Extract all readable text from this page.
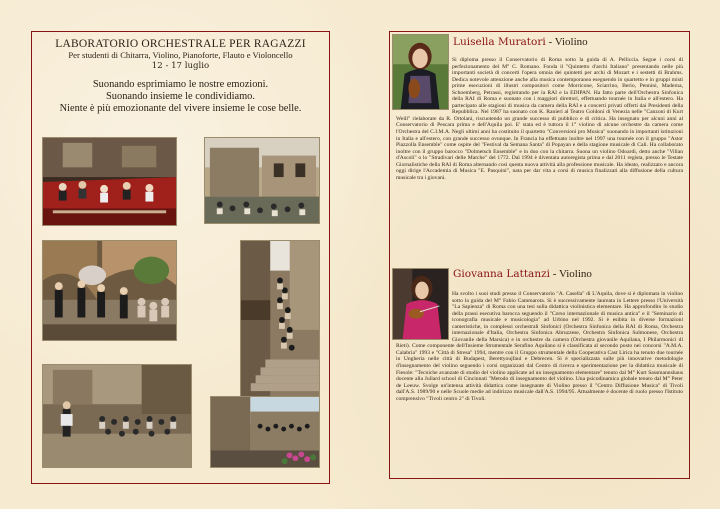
LABORATORIO ORCHESTRALE PER RAGAZZI
Per studenti di Chitarra, Violino, Pianoforte, Flauto e Violoncello
12 - 17 luglio
Suonando esprimiamo le nostre emozioni.
Suonando insieme le condividiamo.
Niente è più emozionante del vivere insieme le cose belle.
Luisella Muratori - Violino

Si diploma presso il Conservatorio di Roma sotto la guida di A. Pelliccia. Segue i corsi di perfezionamento del M° C. Romano. Fonda il "Quintetto d'archi Italiano" presentando nelle più importanti società di concerti l'opera omnia dei quintetti per archi di Mozart e i sestetti di Brahms. Dedica notevole attenzione anche alla musica contemporanea eseguendo in quartetto e in gruppi misti prime esecuzioni di illustri compositori come Morricone, Sciarrino, Berio, Pennini, Maderna, Schoemberg, Petrassi, registrando per la RAI e la EDIPAN. Ha fatto parte dell'Orchestra Sinfonica della RAI di Roma e suonato con i maggiori direttori, effettuando tournée in Italia e all'estero. Ha partecipato alle stagioni di musica da camera della RAI e a concerti privati offerti dai Presidenti della Repubblica. Nel 1987 ha suonato con K. Ranieri al Teatro Goldoni di Venezia nelle "Canzoni di Kurt Weill" rielaborate da R. Ortolani, riscuotendo un grande successo di pubblico e di critica. Ha insegnato per alcuni anni al Conservatorio di Pescara prima e dell'Aquila poi. E' stata ed è tuttora il 1° violino di alcune orchestre da camera come l'Orchestra del C.I.M.A. Negli ultimi anni ha costituito il quartetto "Conversioni pro Musica" suonando in importanti istituzioni in Italia e all'estero, con grande successo ovunque. In Francia ha effettuato inoltre nel 1997 una tournée con il gruppo "Astor Piazzolla Ensemble" come ospite del "Festival da Semana Santa" di Popayan e della stagione musicale di Cali. Ha collaborato inoltre con il gruppo barocco "Dolmetsch Ensemble" e in duo con la chitarra. Suona un violino Odoardi, detto anche "Villan d'Ascoli" o lo "Stradivari delle Marche" del 1772. Dal 1994 è diventata autoregista prima e dal 2011 regista, presso le Testate Giornalistiche della RAI di Roma alternando così questa nuova attività alla professione musicale. Ha ideato, realizzato e ancora oggi dirige l'Accademia di Musica "E. Pasquini", nata per dar vita a corsi di musica finalizzati alla diffusione della cultura musicale tra i giovani.

Giovanna Lattanzi - Violino

Ha svolto i suoi studi presso il Conservatorio "A. Casella" di L'Aquila, dove si è diplomata in violino sotto la guida del M° Fabio Cammarota. Si è successivamente laureata in Lettere presso l'Università "La Sapienza" di Roma con una tesi sulla didattica violinistica elementare. Ha approfondito lo studio della prassi esecutiva barocca seguendo il "Corso internazionale di musica antica" e il "Seminario di iconografia musicale e musicologia" ad Urbino nel 1992. Si è esibita in diverse formazioni cameristiche, in complessi orchestrali Sinfonici (Orchestra Sinfonica della RAI di Roma, Orchestra internazionale d'Italia, Orchestra Sinfonica Abruzzese, Orchestra Sinfonica Sulmonese, Orchestra Giovanile della Marsica) e in orchestre da camera (Orchestra giovanile Aquilana, I Philarmonici di Rieti). Come componente dell'Insieme Strumentale Serafino Aquilano si è classificata al secondo posto nei concorsi "A.M.A. Calabria" 1993 e "Città di Stresa" 1994, mentre con il Gruppo strumentale della Cooperativa Cast Lirica ha tenuto due tournée in Ungheria nelle città di Budapest, Berettyoujfaul e Debrecen. Si è specializzata sulle più innovative metodologie d'insegnamento del violino seguendo i corsi organizzati dal Centro di ricerca e sperimentazione per la didattica musicale di Fiesole: "Tecniche avanzate di studio del violino applicate ad un insegnamento elementare" tenuto dal M° Kurt Sassmannshaus docente alla Jullard school di Cincinnati "Metodo di insegnamento del violino. Una psicodinamica globale tenuto dal M° Peter de Leeuw. Svolge un'intensa attività didattica come insegnante di Violino presso il "Centro Diffusione Musica" di Tivoli dall'A.S. 1989/90 e nelle Scuole medie ad indirizzo musicale dall'A.S. 1994/95. Attualmente è docente di ruolo presso l'Istituto comprensivo "Tivoli centro 2" di Tivoli.
